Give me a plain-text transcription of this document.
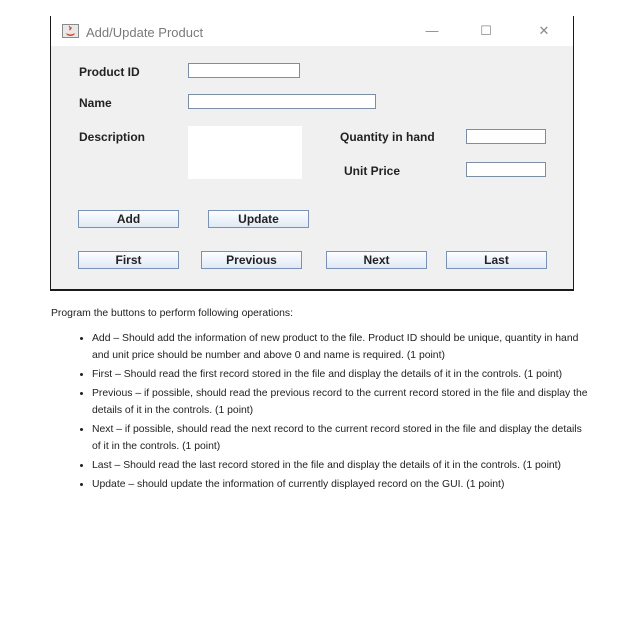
Add/Update Product	—	☐	✕
Product ID
Name
Description	Quantity in hand
Unit Price
Add	Update
First	Previous	Next	Last
Program the buttons to perform following operations:
• Add – Should add the information of new product to the file. Product ID should be unique, quantity in hand and unit price should be number and above 0 and name is required. (1 point)
• First – Should read the first record stored in the file and display the details of it in the controls. (1 point)
• Previous – if possible, should read the previous record to the current record stored in the file and display the details of it in the controls. (1 point)
• Next – if possible, should read the next record to the current record stored in the file and display the details of it in the controls. (1 point)
• Last – Should read the last record stored in the file and display the details of it in the controls. (1 point)
• Update – should update the information of currently displayed record on the GUI. (1 point)
